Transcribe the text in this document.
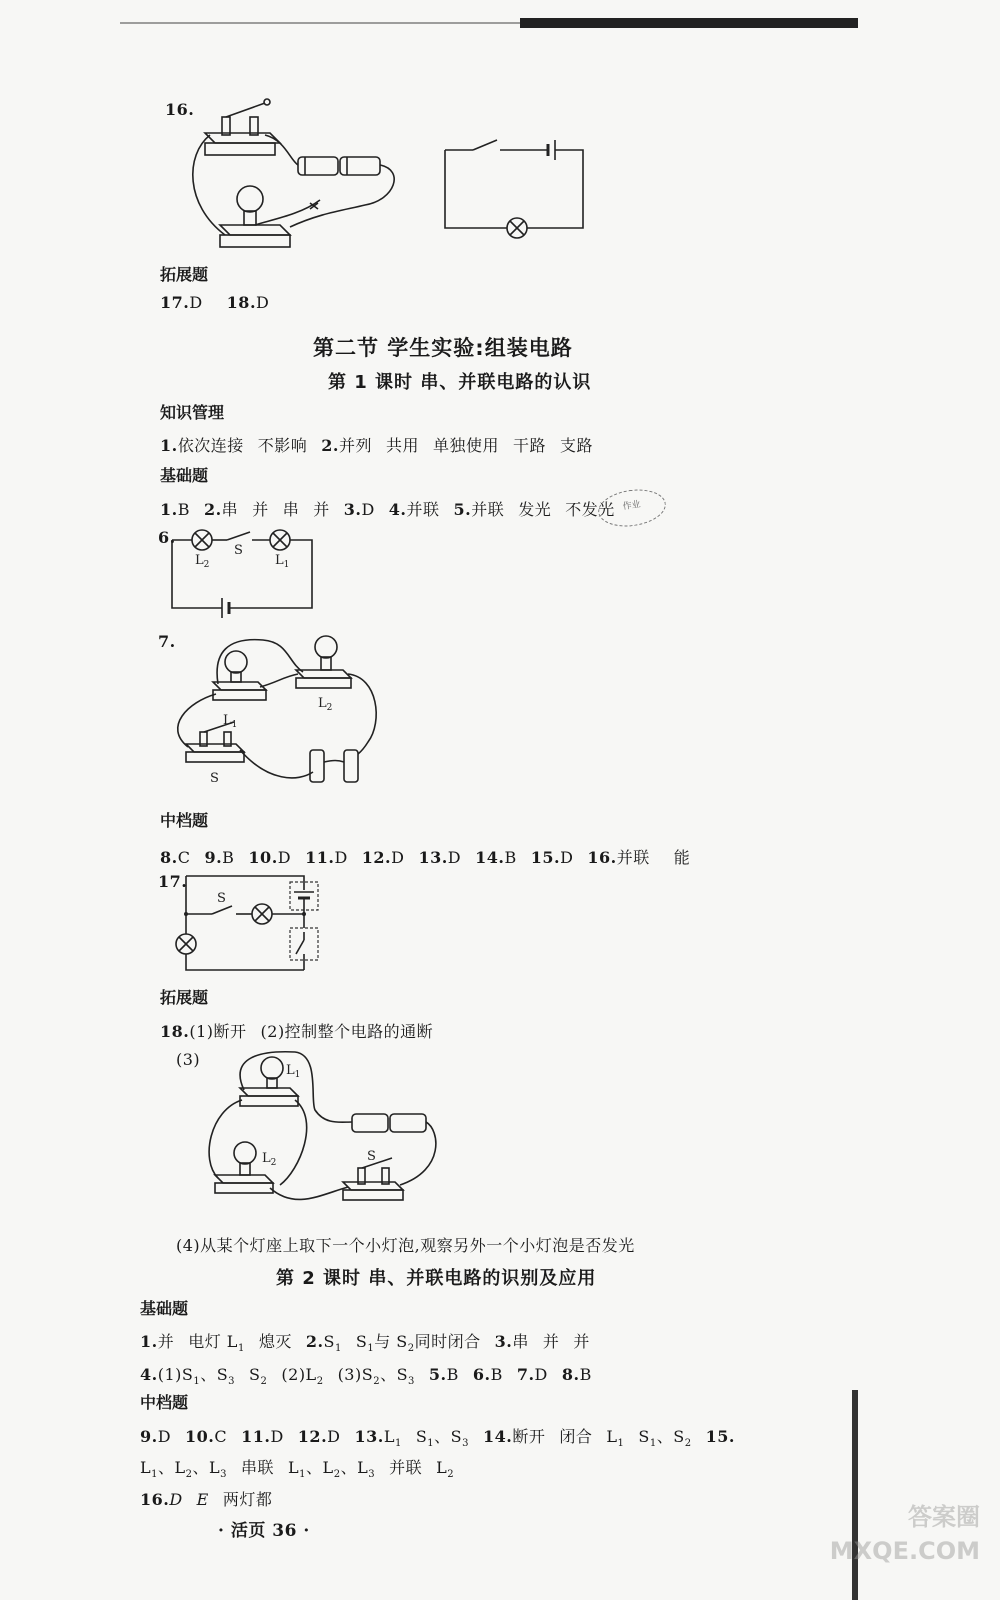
16.
拓展题
17.D 18.D
第二节 学生实验:组装电路
第 1 课时 串、并联电路的认识
知识管理
1.依次连接 不影响 2.并列 共用 单独使用 干路 支路
基础题
1.B 2.串 并 串 并 3.D 4.并联 5.并联 发光 不发光 作业
6.
$L_2$
S
$L_1$
7.
$L_1$
$L_2$
S
中档题
8.C 9.B 10.D 11.D 12.D 13.D 14.B 15.D 16.并联 能
17.
S
拓展题
18.(1)断开 (2)控制整个电路的通断
(3)
$L_1$
$L_2$	S
(4)从某个灯座上取下一个小灯泡,观察另外一个小灯泡是否发光
第 2 课时 串、并联电路的识别及应用
基础题
1.并 电灯 $L_1$ 熄灭 $2.S_1$ $S_1$与 $S_2$同时闭合 3.串 并 并
$4.(1)S_1$、$S_3$ $S_2$ $(2)L_2$ $(3)S_2$、$S_3$ 5.B 6.B 7.D 8.B
中档题
9.D 10.C 11.D 12.D $13.L_1$ $S_1$、$S_3$ 14.断开 闭合 $L_1$ $S_1$、$S_2$ 15.
$L_1$、$L_2$、$L_3$ 串联 $L_1$、$L_2$、$L_3$ 并联 $L_2$
16.D E 两灯都
· 活页 36 ·	答案圈 MXQE.COM
